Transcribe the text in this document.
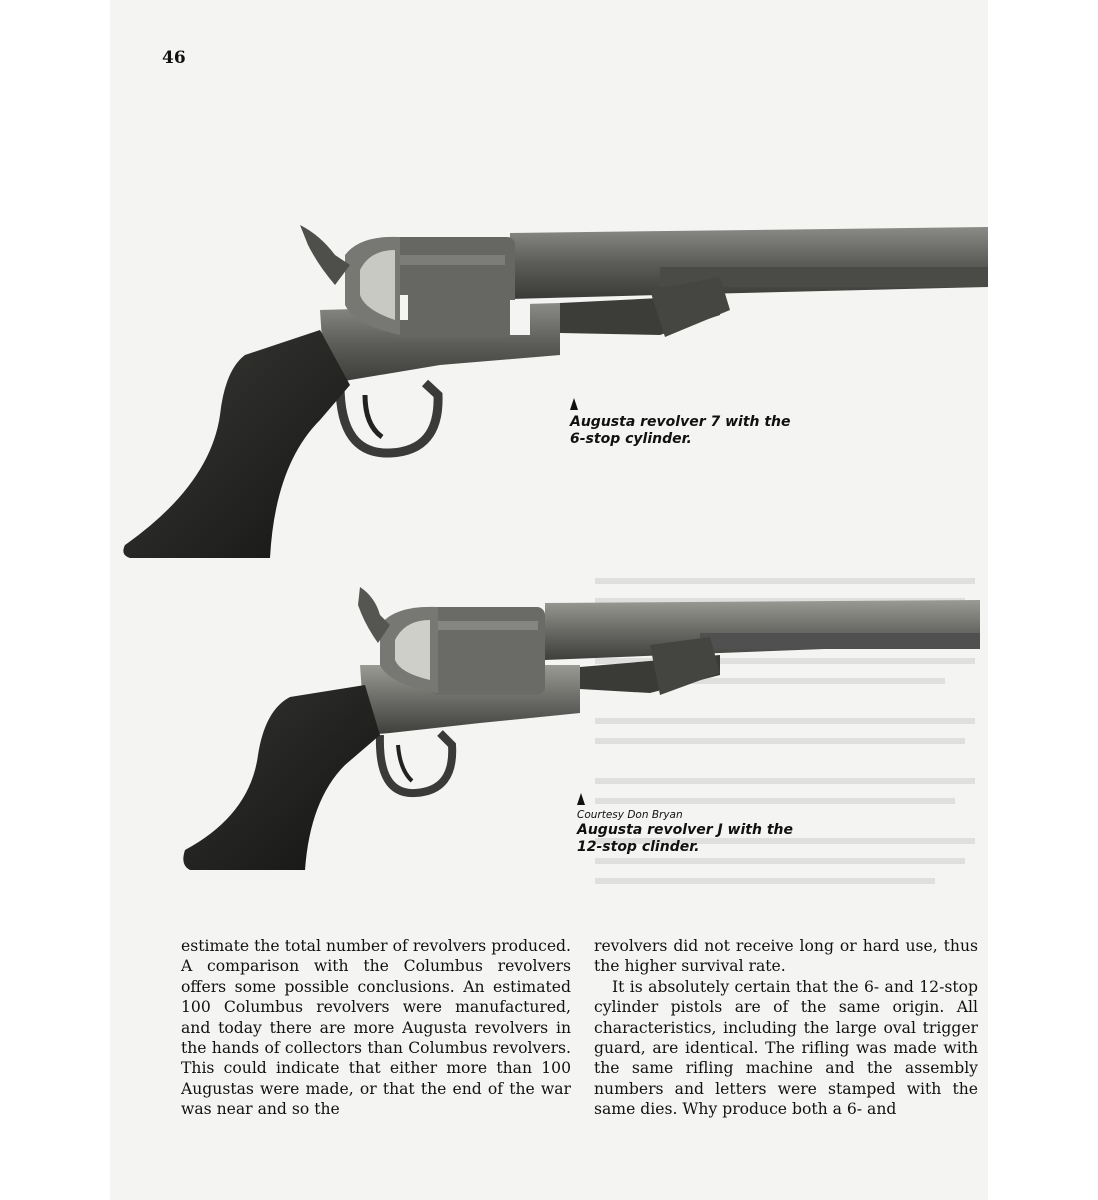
46
Augusta revolver 7 with the
6-stop cylinder.
Courtesy Don Bryan
Augusta revolver J with the
12-stop clinder.

estimate the total number of revolvers produced. A comparison with the Columbus revolvers offers some possible conclusions. An estimated 100 Columbus revolvers were manufactured, and today there are more Augusta revolvers in the hands of collectors than Columbus revolvers. This could indicate that either more than 100 Augustas were made, or that the end of the war was near and so the

revolvers did not receive long or hard use, thus the higher survival rate.

It is absolutely certain that the 6- and 12-stop cylinder pistols are of the same origin. All characteristics, including the large oval trigger guard, are identical. The rifling was made with the same rifling machine and the assembly numbers and letters were stamped with the same dies. Why produce both a 6- and
